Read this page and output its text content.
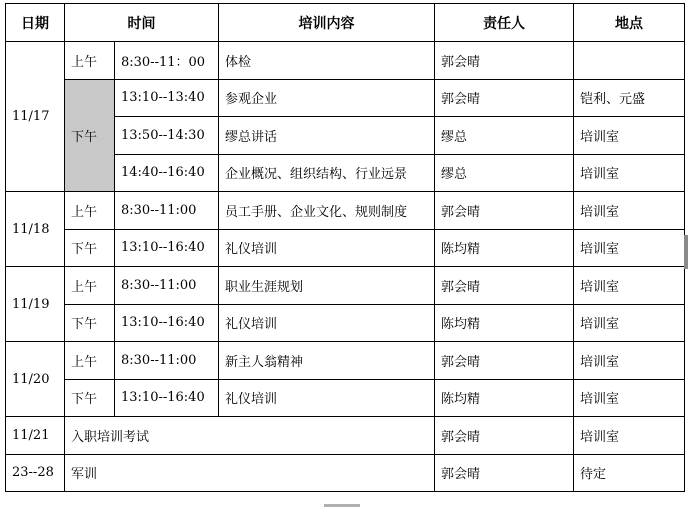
日期	时间		培训内容	责任人	地点
11/17	上午	8:30--11：00	体检	郭会晴	
	下午	13:10--13:40	参观企业	郭会晴	铠利、元盛
		13:50--14:30	缪总讲话	缪总	培训室
		14:40--16:40	企业概况、组织结构、行业远景	缪总	培训室
11/18	上午	8:30--11:00	员工手册、企业文化、规则制度	郭会晴	培训室
	下午	13:10--16:40	礼仪培训	陈均精	培训室
11/19	上午	8:30--11:00	职业生涯规划	郭会晴	培训室
	下午	13:10--16:40	礼仪培训	陈均精	培训室
11/20	上午	8:30--11:00	新主人翁精神	郭会晴	培训室
	下午	13:10--16:40	礼仪培训	陈均精	培训室
11/21	入职培训考试			郭会晴	培训室
23--28	军训			郭会晴	待定
